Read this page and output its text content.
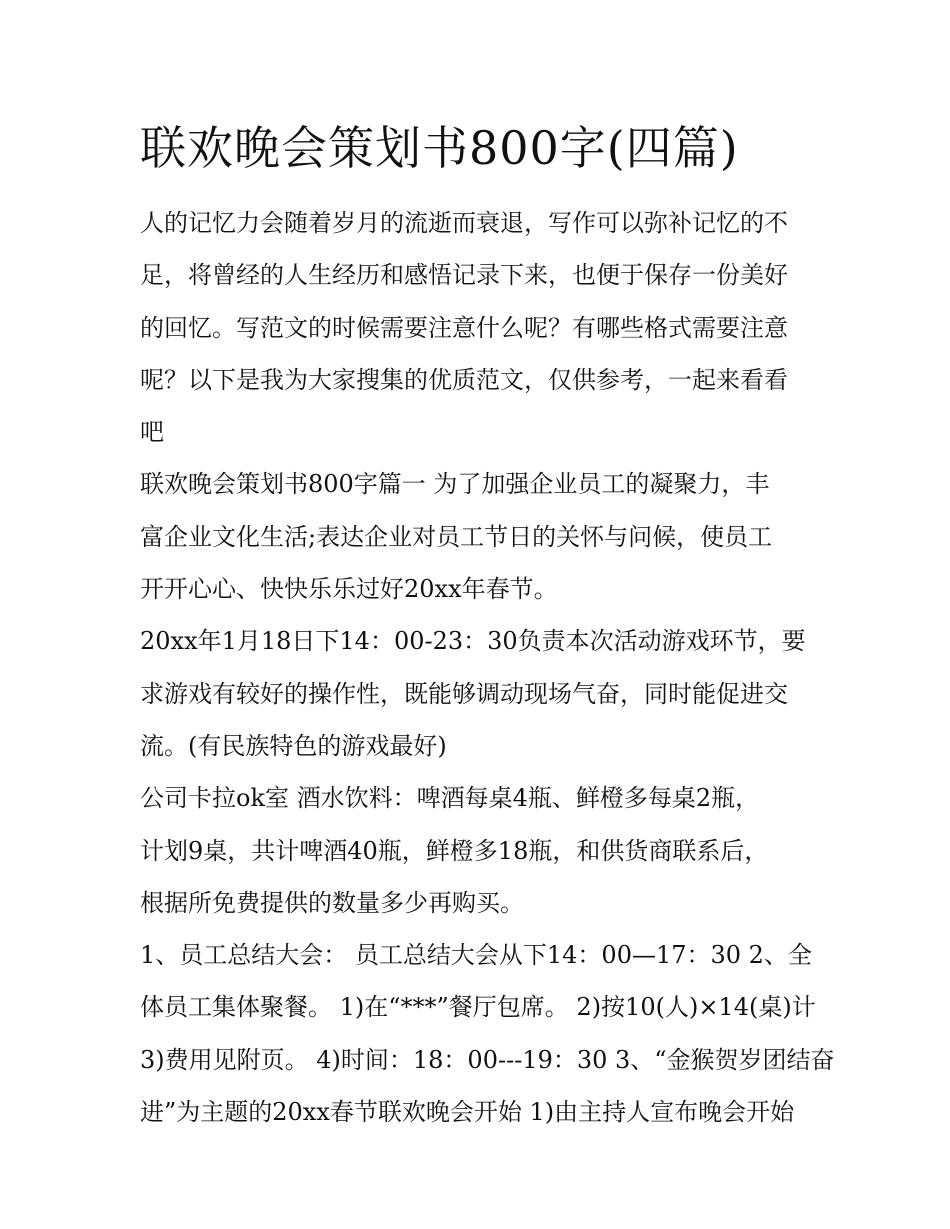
联欢晚会策划书800字(四篇)
人的记忆力会随着岁月的流逝而衰退，写作可以弥补记忆的不
足，将曾经的人生经历和感悟记录下来，也便于保存一份美好
的回忆。写范文的时候需要注意什么呢？有哪些格式需要注意
呢？以下是我为大家搜集的优质范文，仅供参考，一起来看看
吧
联欢晚会策划书800字篇一 为了加强企业员工的凝聚力，丰
富企业文化生活;表达企业对员工节日的关怀与问候，使员工
开开心心、快快乐乐过好20xx年春节。
20xx年1月18日下14：00-23：30负责本次活动游戏环节，要
求游戏有较好的操作性，既能够调动现场气奋，同时能促进交
流。(有民族特色的游戏最好)
公司卡拉ok室 酒水饮料：啤酒每桌4瓶、鲜橙多每桌2瓶，
计划9桌，共计啤酒40瓶，鲜橙多18瓶，和供货商联系后，
根据所免费提供的数量多少再购买。
1、员工总结大会： 员工总结大会从下14：00—17：30 2、全
体员工集体聚餐。 1)在“***”餐厅包席。 2)按10(人)×14(桌)计
3)费用见附页。 4)时间：18：00---19：30 3、“金猴贺岁团结奋
进”为主题的20xx春节联欢晚会开始 1)由主持人宣布晚会开始
